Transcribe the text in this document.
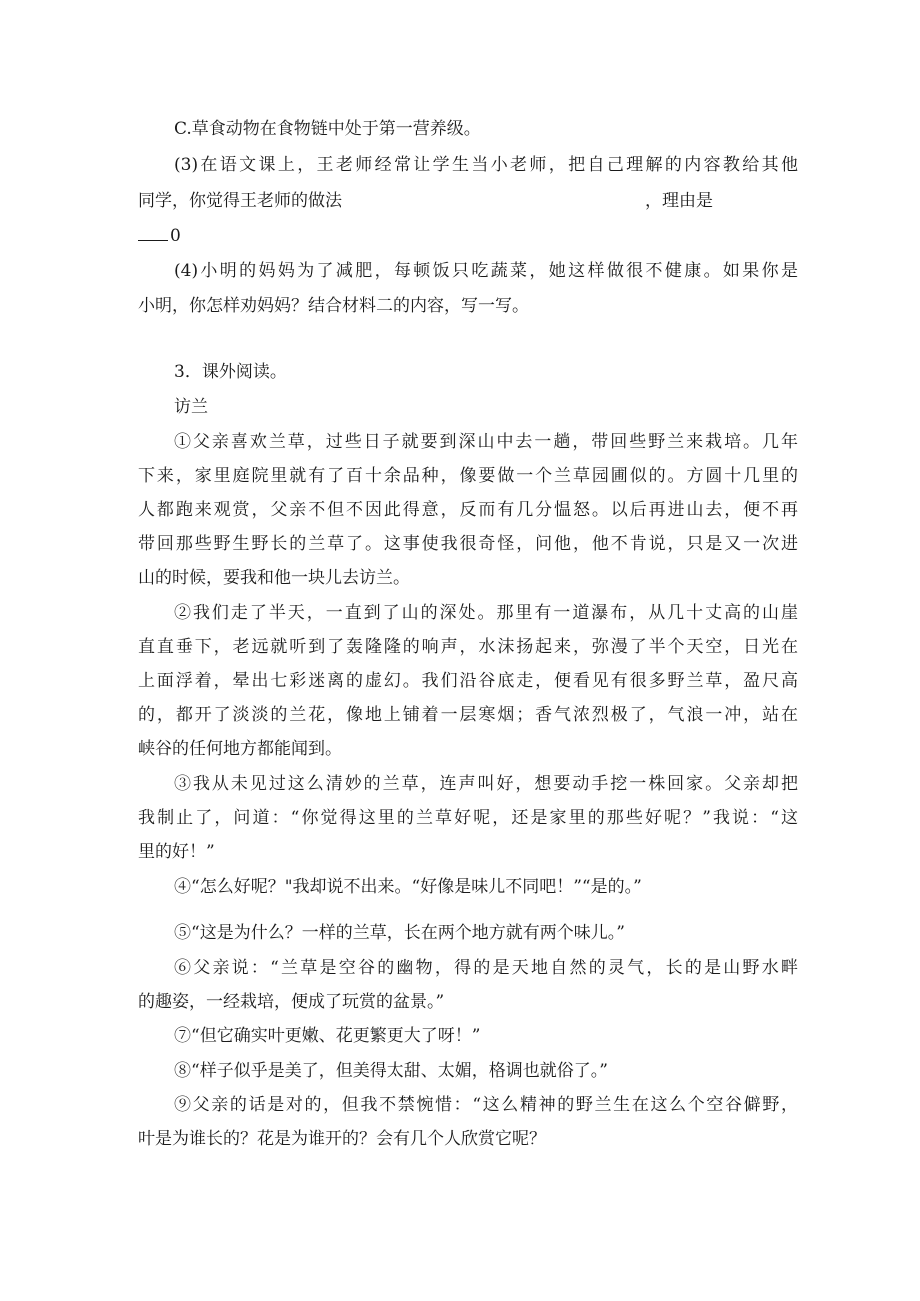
C.草食动物在食物链中处于第一营养级。
(3)在语文课上，王老师经常让学生当小老师，把自己理解的内容教给其他
同学，你觉得王老师的做法	，理由是
0
(4)小明的妈妈为了减肥，每顿饭只吃蔬菜，她这样做很不健康。如果你是
小明，你怎样劝妈妈？结合材料二的内容，写一写。
3．课外阅读。
访兰
①父亲喜欢兰草，过些日子就要到深山中去一趟，带回些野兰来栽培。几年
下来，家里庭院里就有了百十余品种，像要做一个兰草园圃似的。方圆十几里的
人都跑来观赏，父亲不但不因此得意，反而有几分愠怒。以后再进山去，便不再
带回那些野生野长的兰草了。这事使我很奇怪，问他，他不肯说，只是又一次进
山的时候，要我和他一块儿去访兰。
②我们走了半天，一直到了山的深处。那里有一道瀑布，从几十丈高的山崖
直直垂下，老远就听到了轰隆隆的响声，水沫扬起来，弥漫了半个天空，日光在
上面浮着，晕出七彩迷离的虚幻。我们沿谷底走，便看见有很多野兰草，盈尺高
的，都开了淡淡的兰花，像地上铺着一层寒烟；香气浓烈极了，气浪一冲，站在
峡谷的任何地方都能闻到。
③我从未见过这么清妙的兰草，连声叫好，想要动手挖一株回家。父亲却把
我制止了，问道：“你觉得这里的兰草好呢，还是家里的那些好呢？”我说：“这
里的好！”
④“怎么好呢？"我却说不出来。“好像是味儿不同吧！”“是的。”
⑤“这是为什么？一样的兰草，长在两个地方就有两个味儿。”
⑥父亲说：“兰草是空谷的幽物，得的是天地自然的灵气，长的是山野水畔
的趣姿，一经栽培，便成了玩赏的盆景。”
⑦“但它确实叶更嫩、花更繁更大了呀！”
⑧“样子似乎是美了，但美得太甜、太媚，格调也就俗了。”
⑨父亲的话是对的，但我不禁惋惜：“这么精神的野兰生在这么个空谷僻野，
叶是为谁长的？花是为谁开的？会有几个人欣赏它呢？
